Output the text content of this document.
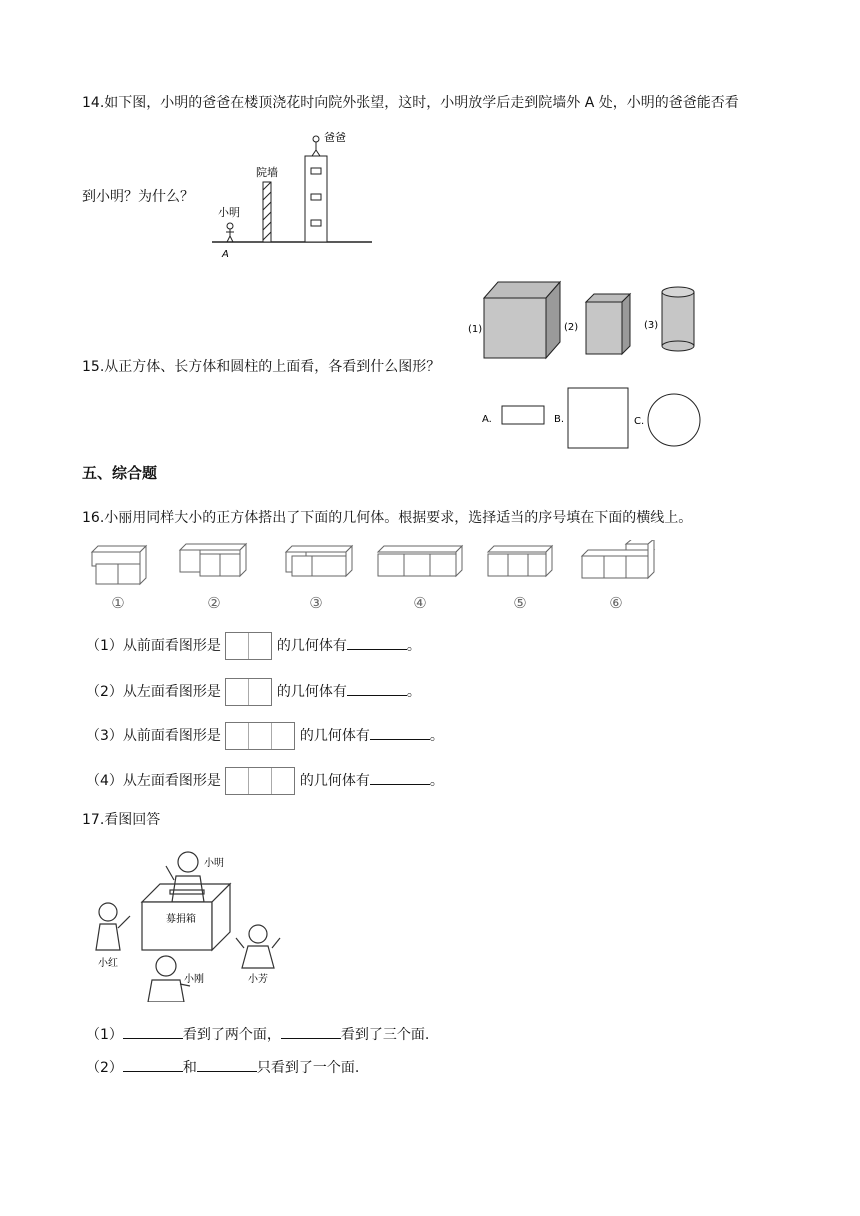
14.如下图，小明的爸爸在楼顶浇花时向院外张望，这时，小明放学后走到院墙外 A 处，小明的爸爸能否看
到小明？为什么？
院墙
爸爸
小明
A
15.从正方体、长方体和圆柱的上面看，各看到什么图形？
(1)	(2)	(3)
A.	B.	C.
五、综合题
16.小丽用同样大小的正方体搭出了下面的几何体。根据要求，选择适当的序号填在下面的横线上。
①	②	③	④	⑤	⑥
（1）从前面看图形是	的几何体有	。
（2）从左面看图形是	的几何体有	。
（3）从前面看图形是	的几何体有	。
（4）从左面看图形是	的几何体有	。
17.看图回答
小明
募捐箱
小红
小刚	小芳
（1）	看到了两个面，	看到了三个面.
（2）	和	只看到了一个面.
